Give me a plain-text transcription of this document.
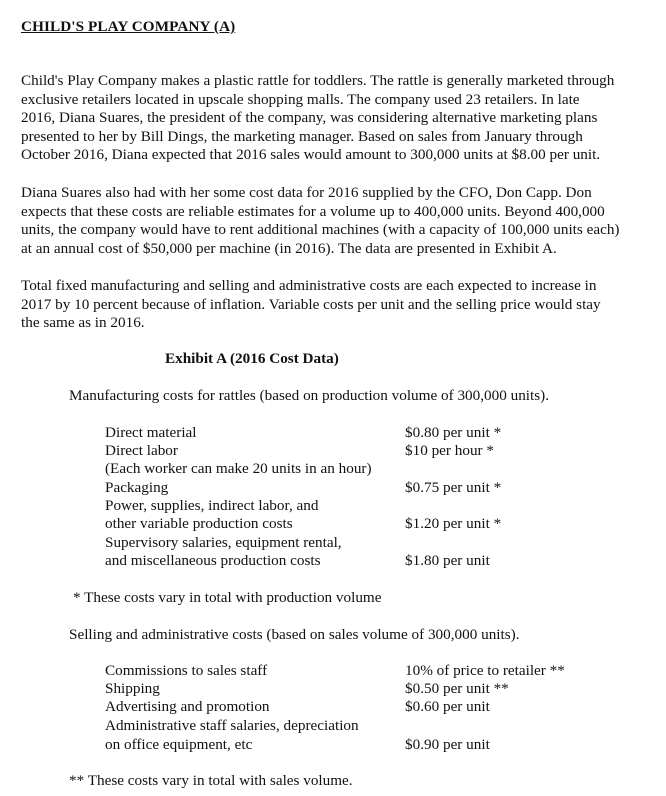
CHILD'S PLAY COMPANY (A)

Child's Play Company makes a plastic rattle for toddlers. The rattle is generally marketed through
exclusive retailers located in upscale shopping malls. The company used 23 retailers. In late
2016, Diana Suares, the president of the company, was considering alternative marketing plans
presented to her by Bill Dings, the marketing manager. Based on sales from January through
October 2016, Diana expected that 2016 sales would amount to 300,000 units at $8.00 per unit.

Diana Suares also had with her some cost data for 2016 supplied by the CFO, Don Capp. Don
expects that these costs are reliable estimates for a volume up to 400,000 units. Beyond 400,000
units, the company would have to rent additional machines (with a capacity of 100,000 units each)
at an annual cost of $50,000 per machine (in 2016). The data are presented in Exhibit A.

Total fixed manufacturing and selling and administrative costs are each expected to increase in
2017 by 10 percent because of inflation. Variable costs per unit and the selling price would stay
the same as in 2016.

Exhibit A (2016 Cost Data)

Manufacturing costs for rattles (based on production volume of 300,000 units).

Direct material	$0.80 per unit *
Direct labor	$10 per hour *
(Each worker can make 20 units in an hour)
Packaging	$0.75 per unit *
Power, supplies, indirect labor, and
other variable production costs	$1.20 per unit *
Supervisory salaries, equipment rental,
and miscellaneous production costs	$1.80 per unit

* These costs vary in total with production volume

Selling and administrative costs (based on sales volume of 300,000 units).

Commissions to sales staff	10% of price to retailer **
Shipping	$0.50 per unit **
Advertising and promotion	$0.60 per unit
Administrative staff salaries, depreciation
on office equipment, etc	$0.90 per unit

** These costs vary in total with sales volume.
